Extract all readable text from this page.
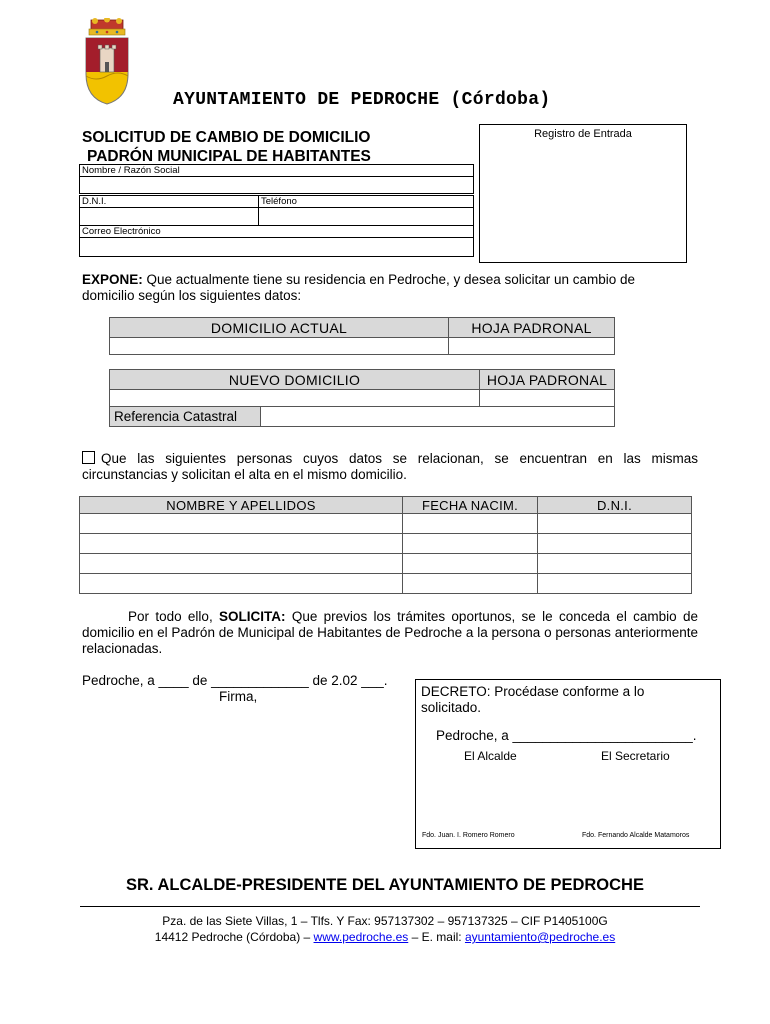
AYUNTAMIENTO DE PEDROCHE (Córdoba)
SOLICITUD DE CAMBIO DE DOMICILIO
PADRÓN MUNICIPAL DE HABITANTES
Nombre / Razón Social
D.N.I.	Teléfono
Correo Electrónico
Registro de Entrada
EXPONE: Que actualmente tiene su residencia en Pedroche, y desea solicitar un cambio de domicilio según los siguientes datos:
DOMICILIO ACTUAL	HOJA PADRONAL

NUEVO DOMICILIO		HOJA PADRONAL

Referencia Catastral		
Que las siguientes personas cuyos datos se relacionan, se encuentran en las mismas circunstancias y solicitan el alta en el mismo domicilio.
NOMBRE Y APELLIDOS	FECHA NACIM.	D.N.I.

Por todo ello, SOLICITA: Que previos los trámites oportunos, se le conceda el cambio de domicilio en el Padrón de Municipal de Habitantes de Pedroche a la persona o personas anteriormente relacionadas.
Pedroche, a ____ de _____________ de 2.02 ___.
Firma,	DECRETO: Procédase conforme a lo solicitado.
Pedroche, a ________________________.
El Alcalde	El Secretario
Fdo. Juan. I. Romero Romero	Fdo. Fernando Alcalde Matamoros
SR. ALCALDE-PRESIDENTE DEL AYUNTAMIENTO DE PEDROCHE
Pza. de las Siete Villas, 1 – Tlfs. Y Fax: 957137302 – 957137325 – CIF P1405100G
14412 Pedroche (Córdoba) – www.pedroche.es – E. mail: ayuntamiento@pedroche.es
